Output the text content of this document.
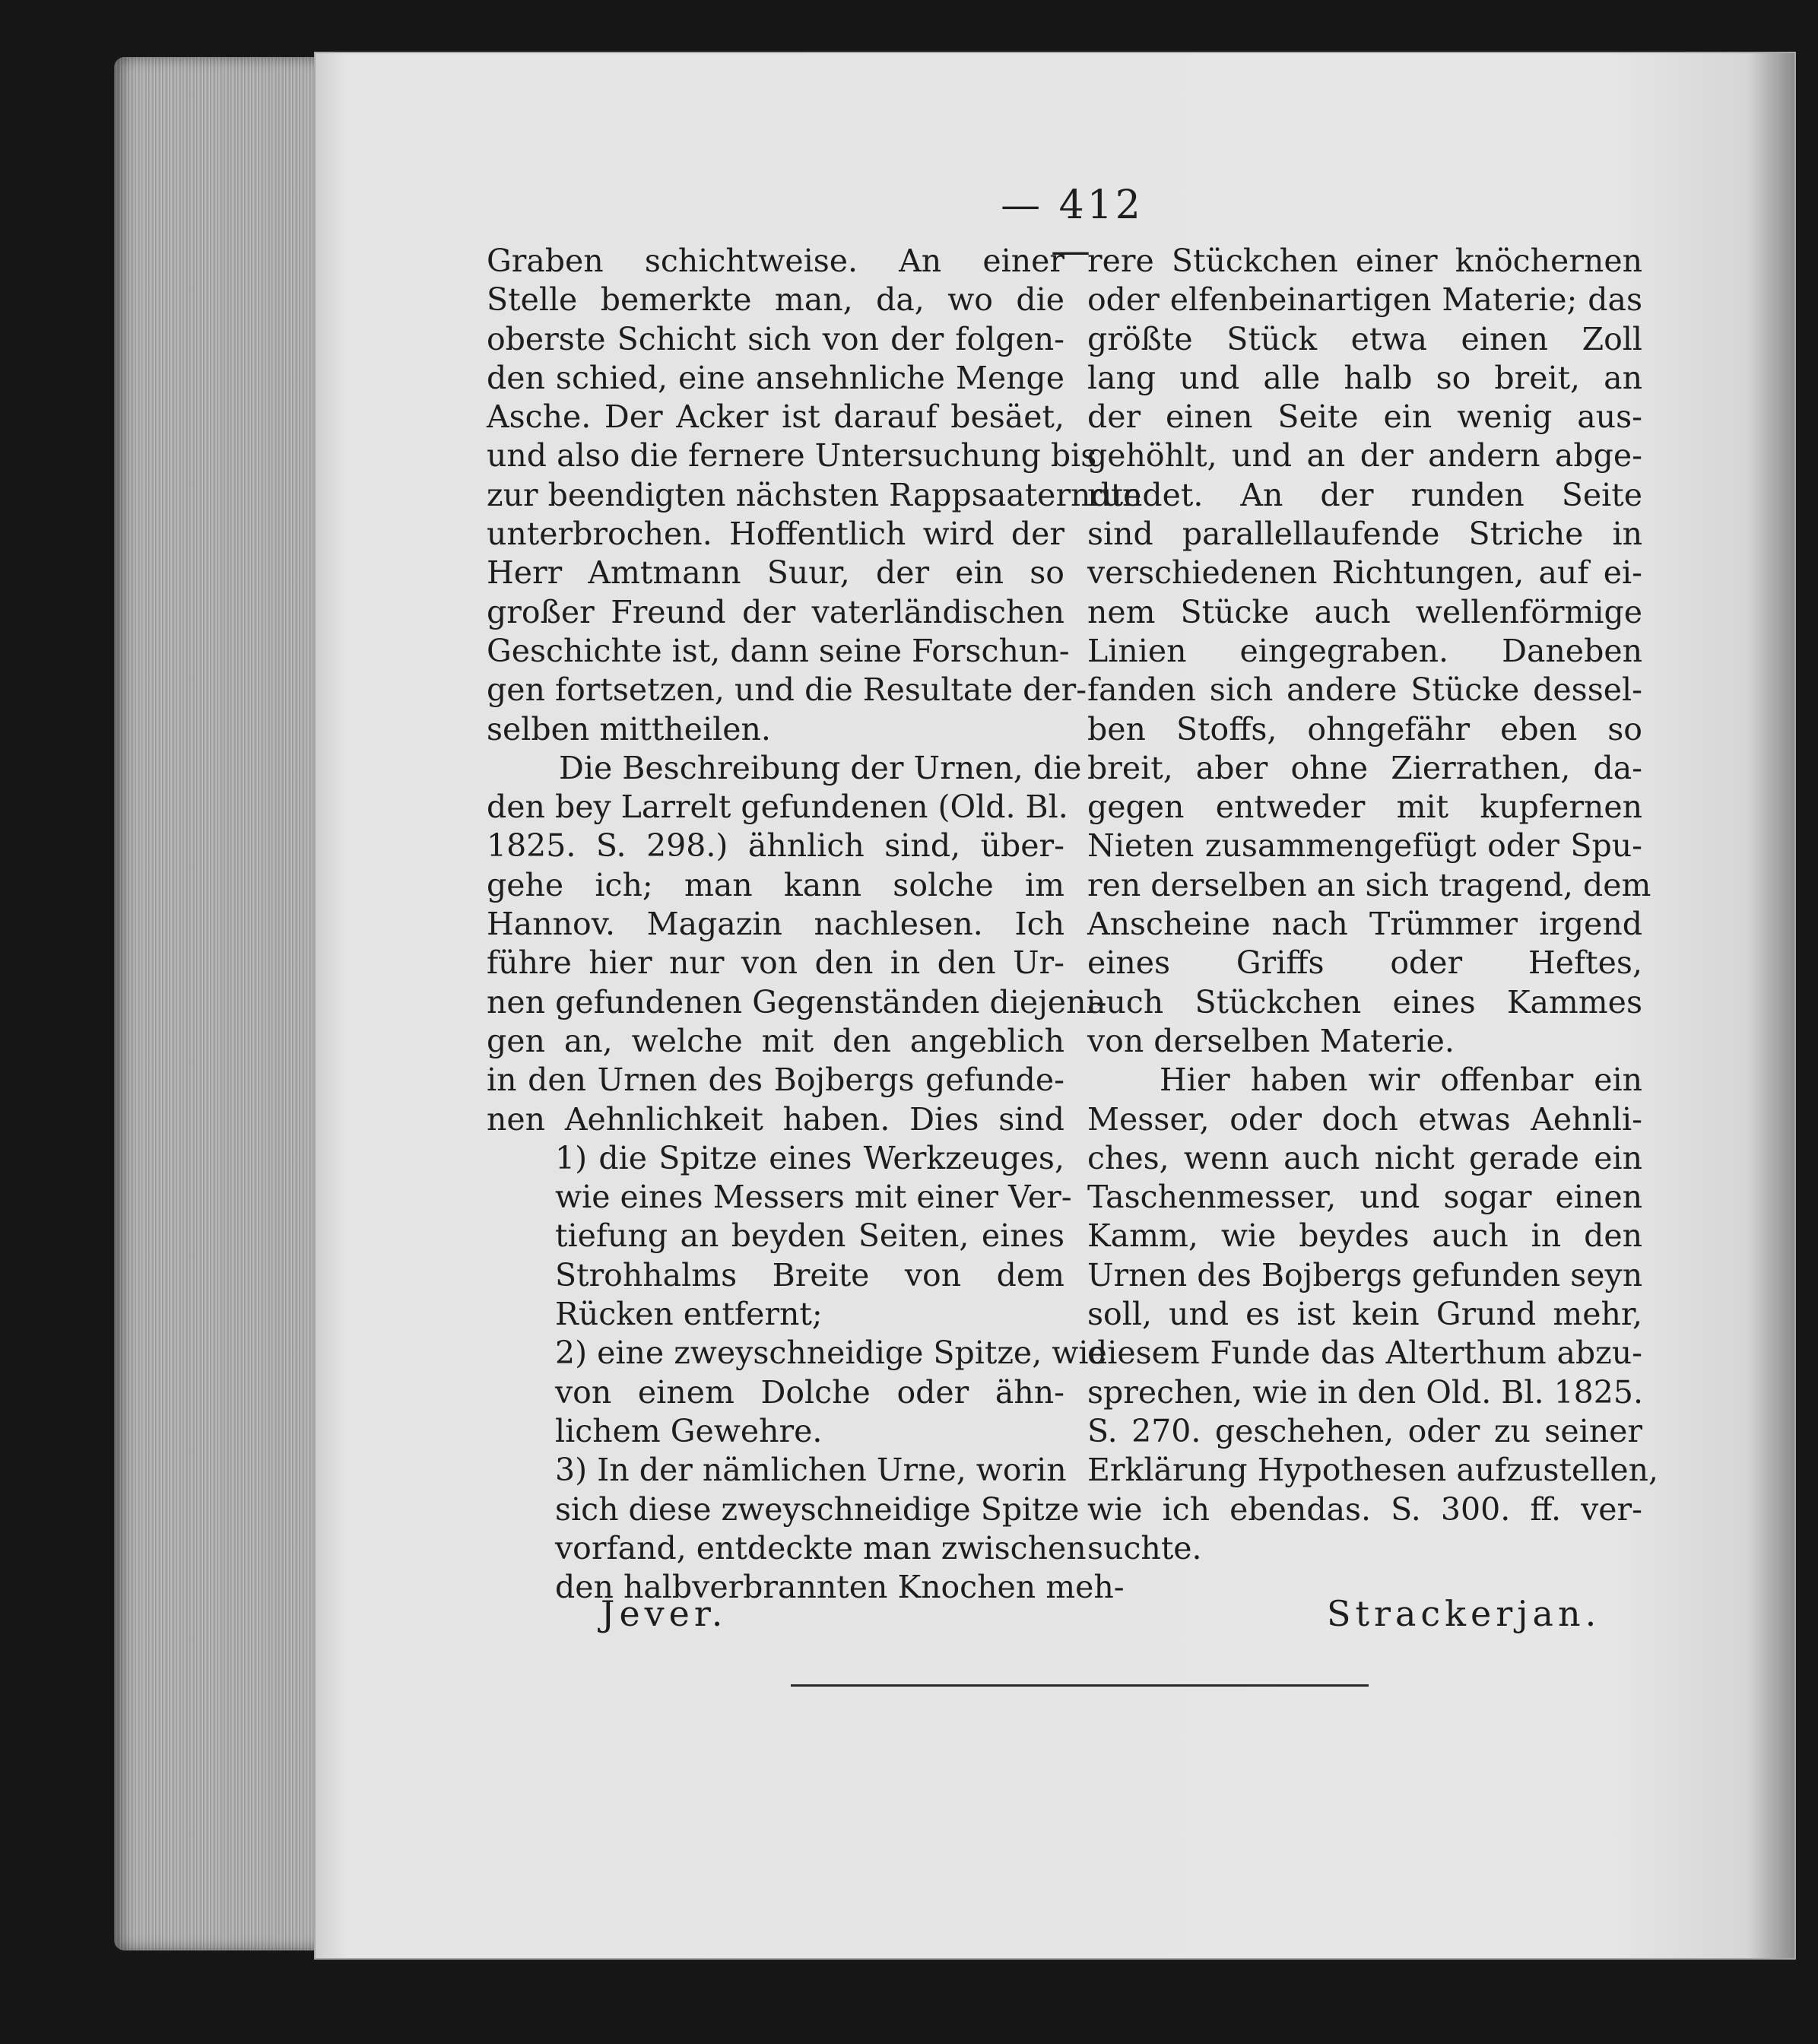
— 412 —
Graben schichtweise. An einer
Stelle bemerkte man, da, wo die
oberste Schicht sich von der folgen-
den schied, eine ansehnliche Menge
Asche. Der Acker ist darauf besäet,
und also die fernere Untersuchung bis
zur beendigten nächsten Rappsaaterndte
unterbrochen. Hoffentlich wird der
Herr Amtmann Suur, der ein so
großer Freund der vaterländischen
Geschichte ist, dann seine Forschun-
gen fortsetzen, und die Resultate der-
selben mittheilen.
Die Beschreibung der Urnen, die
den bey Larrelt gefundenen (Old. Bl.
1825. S. 298.) ähnlich sind, über-
gehe ich; man kann solche im
Hannov. Magazin nachlesen. Ich
führe hier nur von den in den Ur-
nen gefundenen Gegenständen diejeni-
gen an, welche mit den angeblich
in den Urnen des Bojbergs gefunde-
nen Aehnlichkeit haben. Dies sind
1) die Spitze eines Werkzeuges,
wie eines Messers mit einer Ver-
tiefung an beyden Seiten, eines
Strohhalms Breite von dem
Rücken entfernt;
2) eine zweyschneidige Spitze, wie
von einem Dolche oder ähn-
lichem Gewehre.
3) In der nämlichen Urne, worin
sich diese zweyschneidige Spitze
vorfand, entdeckte man zwischen
den halbverbrannten Knochen meh-
rere Stückchen einer knöchernen
oder elfenbeinartigen Materie; das
größte Stück etwa einen Zoll
lang und alle halb so breit, an
der einen Seite ein wenig aus-
gehöhlt, und an der andern abge-
rundet. An der runden Seite
sind parallellaufende Striche in
verschiedenen Richtungen, auf ei-
nem Stücke auch wellenförmige
Linien eingegraben. Daneben
fanden sich andere Stücke dessel-
ben Stoffs, ohngefähr eben so
breit, aber ohne Zierrathen, da-
gegen entweder mit kupfernen
Nieten zusammengefügt oder Spu-
ren derselben an sich tragend, dem
Anscheine nach Trümmer irgend
eines Griffs oder Heftes,
auch Stückchen eines Kammes
von derselben Materie.
Hier haben wir offenbar ein
Messer, oder doch etwas Aehnli-
ches, wenn auch nicht gerade ein
Taschenmesser, und sogar einen
Kamm, wie beydes auch in den
Urnen des Bojbergs gefunden seyn
soll, und es ist kein Grund mehr,
diesem Funde das Alterthum abzu-
sprechen, wie in den Old. Bl. 1825.
S. 270. geschehen, oder zu seiner
Erklärung Hypothesen aufzustellen,
wie ich ebendas. S. 300. ff. ver-
suchte.
Jever.	Strackerjan.
